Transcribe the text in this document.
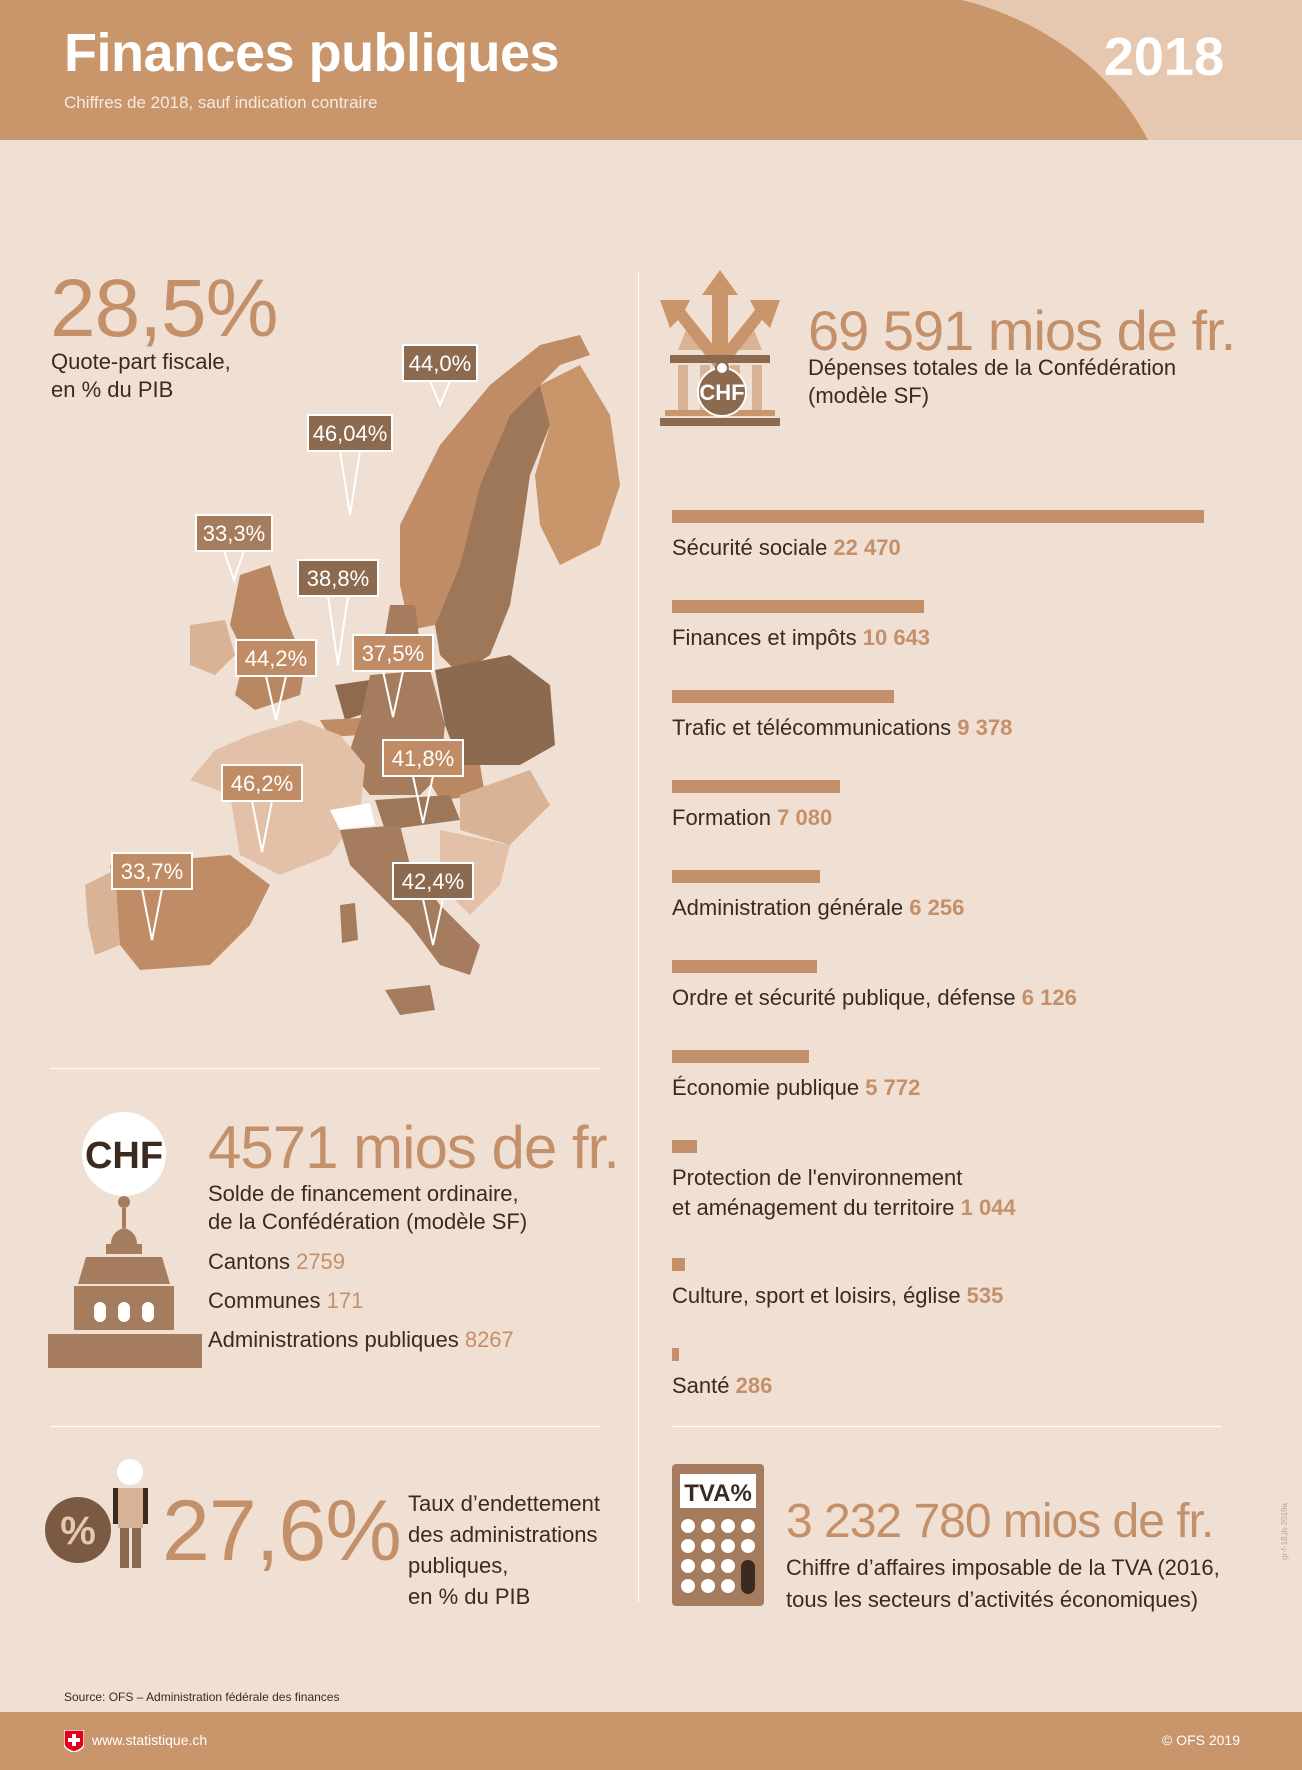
Finances publiques
Chiffres de 2018, sauf indication contraire
2018
28,5%
Quote-part fiscale,
en % du PIB
44,0%
46,04%
33,3%
38,8%
44,2% 37,5%
41,8%
46,2%
33,7%	42,4%
CHF
69 591 mios de fr.
Dépenses totales de la Confédération
(modèle SF)
Sécurité sociale 22 470
Finances et impôts 10 643
Trafic et télécommunications 9 378
Formation 7 080
Administration générale 6 256
Ordre et sécurité publique, défense 6 126
Économie publique 5 772
Protection de l'environnement
et aménagement du territoire 1 044
Culture, sport et loisirs, église 535
Santé 286
CHF 4571 mios de fr.
Solde de financement ordinaire,
de la Confédération (modèle SF)
Cantons 2759
Communes 171
Administrations publiques 8267
% 27,6% Taux d’endettement
des administrations
publiques,
en % du PIB
TVA%
3 232 780 mios de fr.
Chiffre d’affaires imposable de la TVA (2016,
tous les secteurs d’activités économiques)
Source: OFS – Administration fédérale des finances
gr-f-18.jb-2019a
www.statistique.ch	© OFS 2019
